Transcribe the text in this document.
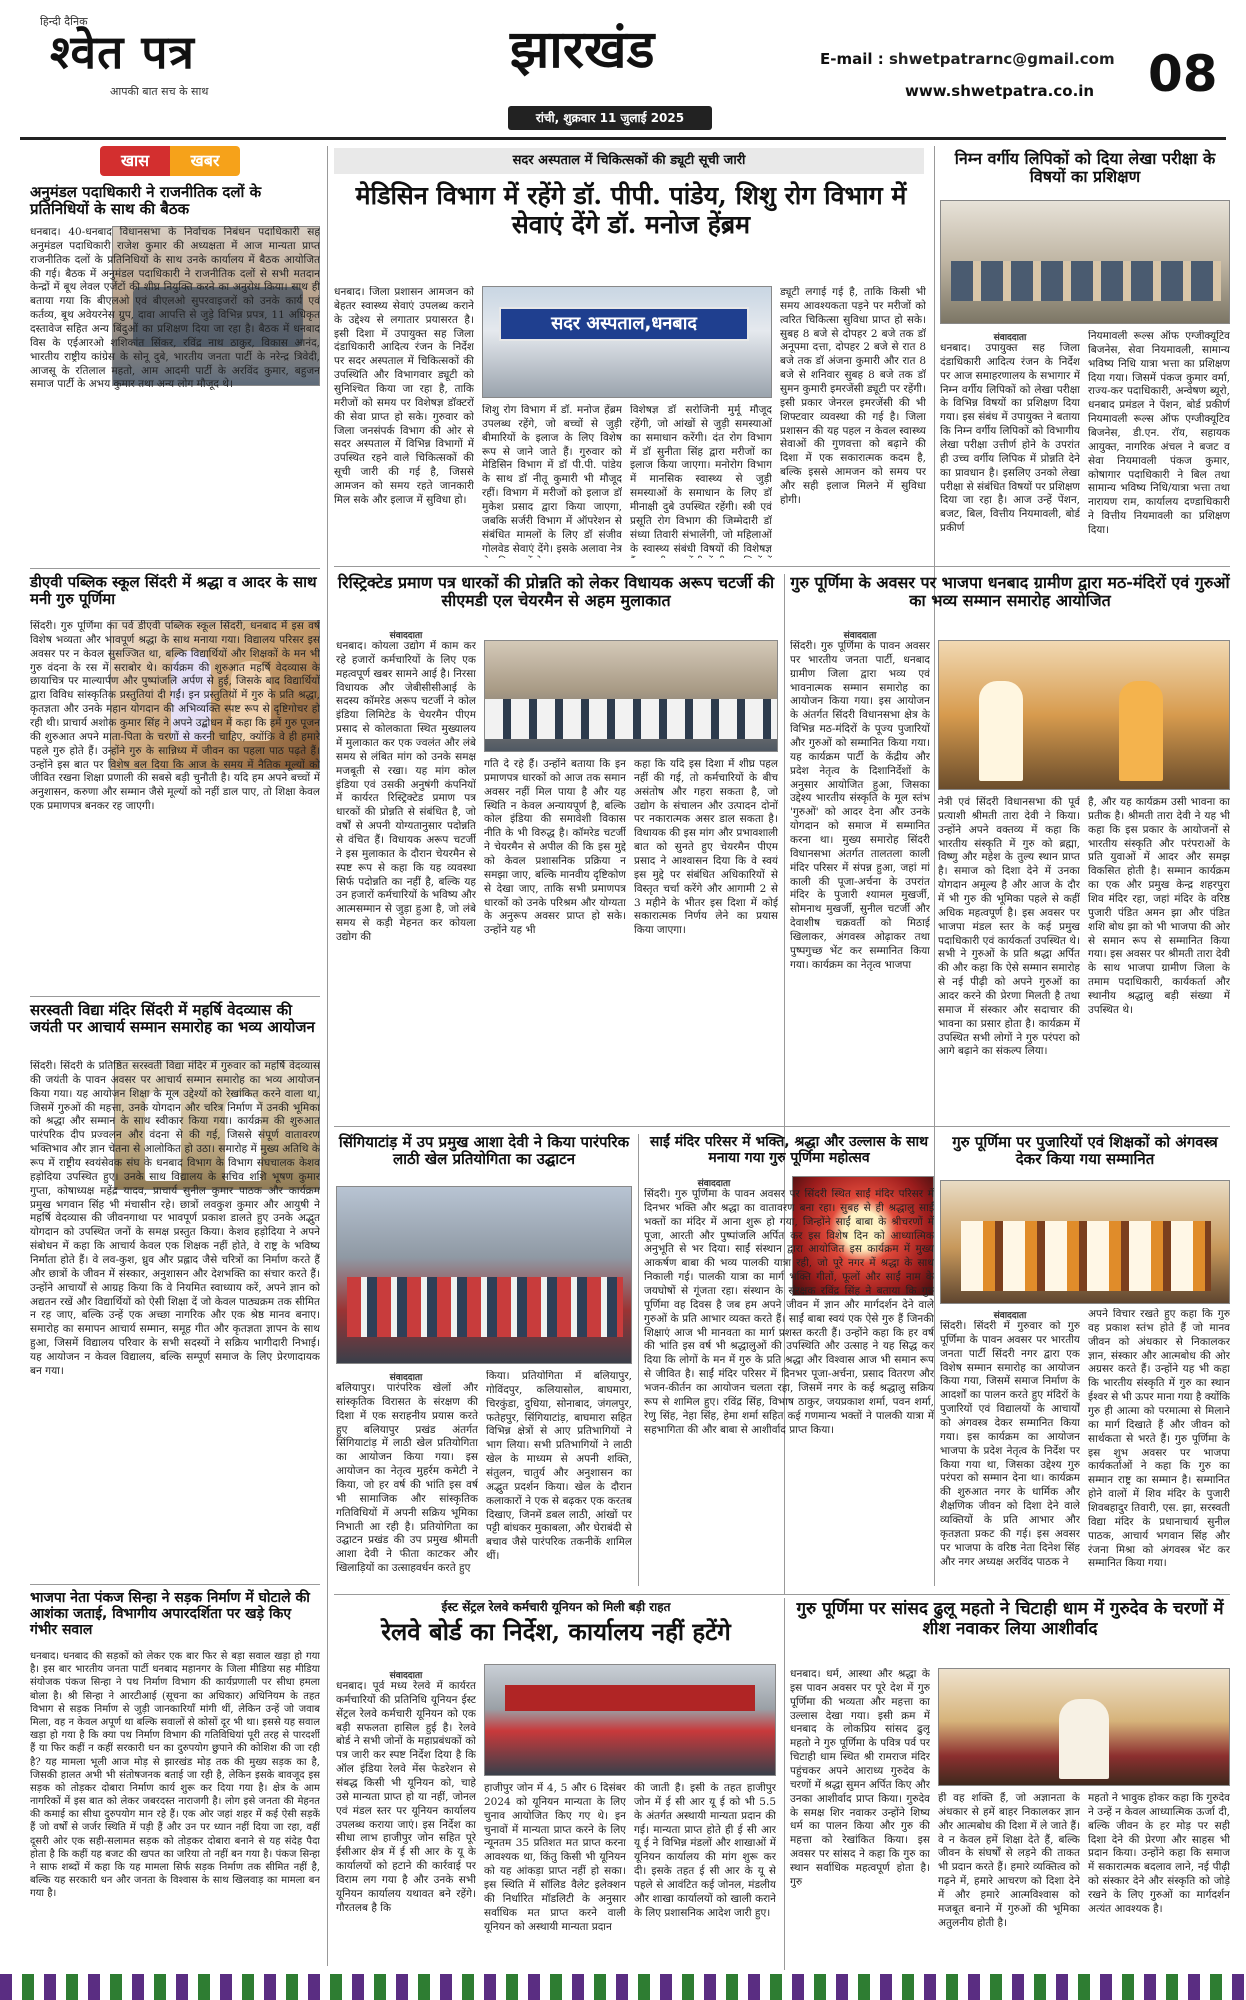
हिन्दी दैनिक
श्वेत पत्र
आपकी बात सच के साथ
झारखंड
रांची, शुक्रवार 11 जुलाई 2025
E-mail : shwetpatrarnc@gmail.com
www.shwetpatra.co.in 08
खास	खबर
अनुमंडल पदाधिकारी ने राजनीतिक दलों के प्रतिनिधियों के साथ की बैठक
धनबाद। 40-धनबाद विधानसभा के निर्वाचक निबंधन पदाधिकारी सह अनुमंडल पदाधिकारी राजेश कुमार की अध्यक्षता में आज मान्यता प्राप्त राजनीतिक दलों के प्रतिनिधियों के साथ उनके कार्यालय में बैठक आयोजित की गई। बैठक में अनुमंडल पदाधिकारी ने राजनीतिक दलों से सभी मतदान केन्द्रों में बूथ लेवल एजेंटों की शीघ्र नियुक्ति करने का अनुरोध किया। साथ ही बताया गया कि बीएलओ एवं बीएलओ सुपरवाइजरों को उनके कार्य एवं कर्तव्य, बूथ अवेयरनेस ग्रुप, दावा आपत्ति से जुड़े विभिन्न प्रपत्र, 11 अधिकृत दस्तावेज सहित अन्य बिंदुओं का प्रशिक्षण दिया जा रहा है। बैठक में धनबाद विस के एईआरओ शशिकांत सिंकर, रविंद्र नाथ ठाकुर, विकास आनंद, भारतीय राष्ट्रीय कांग्रेस के सोनू दुबे, भारतीय जनता पार्टी के नरेन्द्र त्रिवेदी, आजसू के रतिलाल महतो, आम आदमी पार्टी के अरविंद कुमार, बहुजन समाज पार्टी के अभय कुमार तथा अन्य लोग मौजूद थे।
डीएवी पब्लिक स्कूल सिंदरी में श्रद्धा व आदर के साथ मनी गुरु पूर्णिमा
सिंदरी। गुरु पूर्णिमा का पर्व डीएवी पब्लिक स्कूल सिंदरी, धनबाद में इस वर्ष विशेष भव्यता और भावपूर्ण श्रद्धा के साथ मनाया गया। विद्यालय परिसर इस अवसर पर न केवल सुसज्जित था, बल्कि विद्यार्थियों और शिक्षकों के मन भी गुरु वंदना के रस में सराबोर थे। कार्यक्रम की शुरुआत महर्षि वेदव्यास के छायाचित्र पर माल्यार्पण और पुष्पांजलि अर्पण से हुई, जिसके बाद विद्यार्थियों द्वारा विविध सांस्कृतिक प्रस्तुतियां दी गईं। इन प्रस्तुतियों में गुरु के प्रति श्रद्धा, कृतज्ञता और उनके महान योगदान की अभिव्यक्ति स्पष्ट रूप से दृष्टिगोचर हो रही थी। प्राचार्य अशोक कुमार सिंह ने अपने उद्बोधन में कहा कि हमें गुरु पूजन की शुरुआत अपने माता-पिता के चरणों से करनी चाहिए, क्योंकि वे ही हमारे पहले गुरु होते हैं। उन्होंने गुरु के सान्निध्य में जीवन का पहला पाठ पढ़ते हैं। उन्होंने इस बात पर विशेष बल दिया कि आज के समय में नैतिक मूल्यों को जीवित रखना शिक्षा प्रणाली की सबसे बड़ी चुनौती है। यदि हम अपने बच्चों में अनुशासन, करुणा और सम्मान जैसे मूल्यों को नहीं डाल पाए, तो शिक्षा केवल एक प्रमाणपत्र बनकर रह जाएगी।
सरस्वती विद्या मंदिर सिंदरी में महर्षि वेदव्यास की जयंती पर आचार्य सम्मान समारोह का भव्य आयोजन
सिंदरी। सिंदरी के प्रतिष्ठित सरस्वती विद्या मंदिर में गुरुवार को महर्षि वेदव्यास की जयंती के पावन अवसर पर आचार्य सम्मान समारोह का भव्य आयोजन किया गया। यह आयोजन शिक्षा के मूल उद्देश्यों को रेखांकित करने वाला था, जिसमें गुरुओं की महत्ता, उनके योगदान और चरित्र निर्माण में उनकी भूमिका को श्रद्धा और सम्मान के साथ स्वीकार किया गया। कार्यक्रम की शुरुआत पारंपरिक दीप प्रज्वलन और वंदना से की गई, जिससे संपूर्ण वातावरण भक्तिभाव और ज्ञान चेतना से आलोकित हो उठा। समारोह में मुख्य अतिथि के रूप में राष्ट्रीय स्वयंसेवक संघ के धनबाद विभाग के विभाग संघचालक केशव हड़ोदिया उपस्थित हुए। उनके साथ विद्यालय के सचिव शशि भूषण कुमार गुप्ता, कोषाध्यक्ष महेंद्र यादव, प्राचार्य सुनील कुमार पाठक और कार्यक्रम प्रमुख भगवान सिंह भी मंचासीन रहे। छात्रों लवकुश कुमार और आयुषी ने महर्षि वेदव्यास की जीवनगाथा पर भावपूर्ण प्रकाश डालते हुए उनके अद्भुत योगदान को उपस्थित जनों के समक्ष प्रस्तुत किया। केशव हड़ोदिया ने अपने संबोधन में कहा कि आचार्य केवल एक शिक्षक नहीं होते, वे राष्ट्र के भविष्य निर्माता होते हैं। वे लव-कुश, ध्रुव और प्रह्लाद जैसे चरित्रों का निर्माण करते हैं और छात्रों के जीवन में संस्कार, अनुशासन और देशभक्ति का संचार करते हैं। उन्होंने आचार्यों से आग्रह किया कि वे नियमित स्वाध्याय करें, अपने ज्ञान को अद्यतन रखें और विद्यार्थियों को ऐसी शिक्षा दें जो केवल पाठ्यक्रम तक सीमित न रह जाए, बल्कि उन्हें एक अच्छा नागरिक और एक श्रेष्ठ मानव बनाए। समारोह का समापन आचार्य सम्मान, समूह गीत और कृतज्ञता ज्ञापन के साथ हुआ, जिसमें विद्यालय परिवार के सभी सदस्यों ने सक्रिय भागीदारी निभाई। यह आयोजन न केवल विद्यालय, बल्कि सम्पूर्ण समाज के लिए प्रेरणादायक बन गया।
भाजपा नेता पंकज सिन्हा ने सड़क निर्माण में घोटाले की आशंका जताई, विभागीय अपारदर्शिता पर खड़े किए गंभीर सवाल
धनबाद। धनबाद की सड़कों को लेकर एक बार फिर से बड़ा सवाल खड़ा हो गया है। इस बार भारतीय जनता पार्टी धनबाद महानगर के जिला मीडिया सह मीडिया संयोजक पंकज सिन्हा ने पथ निर्माण विभाग की कार्यप्रणाली पर सीधा हमला बोला है। श्री सिन्हा ने आरटीआई (सूचना का अधिकार) अधिनियम के तहत विभाग से सड़क निर्माण से जुड़ी जानकारियाँ मांगी थीं, लेकिन उन्हें जो जवाब मिला, वह न केवल अपूर्ण था बल्कि सवालों से कोसों दूर भी था। इससे यह सवाल खड़ा हो गया है कि क्या पथ निर्माण विभाग की गतिविधियां पूरी तरह से पारदर्शी हैं या फिर कहीं न कहीं सरकारी धन का दुरुपयोग छुपाने की कोशिश की जा रही है? यह मामला भूली आज मोड़ से झारखंड मोड़ तक की मुख्य सड़क का है, जिसकी हालत अभी भी संतोषजनक बताई जा रही है, लेकिन इसके बावजूद इस सड़क को तोड़कर दोबारा निर्माण कार्य शुरू कर दिया गया है। क्षेत्र के आम नागरिकों में इस बात को लेकर जबरदस्त नाराजगी है। लोग इसे जनता की मेहनत की कमाई का सीधा दुरुपयोग मान रहे हैं। एक ओर जहां शहर में कई ऐसी सड़कें हैं जो वर्षों से जर्जर स्थिति में पड़ी हैं और उन पर ध्यान नहीं दिया जा रहा, वहीं दूसरी ओर एक सही-सलामत सड़क को तोड़कर दोबारा बनाने से यह संदेह पैदा होता है कि कहीं यह बजट की खपत का जरिया तो नहीं बन गया है। पंकज सिन्हा ने साफ शब्दों में कहा कि यह मामला सिर्फ सड़क निर्माण तक सीमित नहीं है, बल्कि यह सरकारी धन और जनता के विश्वास के साथ खिलवाड़ का मामला बन गया है।
सदर अस्पताल में चिकित्सकों की ड्यूटी सूची जारी
मेडिसिन विभाग में रहेंगे डॉ. पीपी. पांडेय, शिशु रोग विभाग में सेवाएं देंगे डॉ. मनोज हेंब्रम
धनबाद। जिला प्रशासन आमजन को बेहतर स्वास्थ्य सेवाएं उपलब्ध कराने के उद्देश्य से लगातार प्रयासरत है। इसी दिशा में उपायुक्त सह जिला दंडाधिकारी आदित्य रंजन के निर्देश पर सदर अस्पताल में चिकित्सकों की उपस्थिति और विभागवार ड्यूटी को सुनिश्चित किया जा रहा है, ताकि मरीजों को समय पर विशेषज्ञ डॉक्टरों की सेवा प्राप्त हो सके। गुरुवार को जिला जनसंपर्क विभाग की ओर से सदर अस्पताल में विभिन्न विभागों में उपस्थित रहने वाले चिकित्सकों की सूची जारी की गई है, जिससे आमजन को समय रहते जानकारी मिल सके और इलाज में सुविधा हो।
सदर अस्पताल,धनबाद
शिशु रोग विभाग में डॉ. मनोज हेंब्रम उपलब्ध रहेंगे, जो बच्चों से जुड़ी बीमारियों के इलाज के लिए विशेष रूप से जाने जाते हैं। गुरुवार को मेडिसिन विभाग में डॉ पी.पी. पांडेय के साथ डॉ नीतू कुमारी भी मौजूद रहीं। विभाग में मरीजों को इलाज डॉ मुकेश प्रसाद द्वारा किया जाएगा, जबकि सर्जरी विभाग में ऑपरेशन से संबंधित मामलों के लिए डॉ संजीव गोलवेड सेवाएं देंगे। इसके अलावा नेत्र
विशेषज्ञ डॉ सरोजिनी मुर्मू मौजूद रहेंगी, जो आंखों से जुड़ी समस्याओं का समाधान करेंगी। दंत रोग विभाग में डॉ सुनीता सिंह द्वारा मरीजों का इलाज किया जाएगा। मनोरोग विभाग में मानसिक स्वास्थ्य से जुड़ी समस्याओं के समाधान के लिए डॉ मीनाक्षी दुबे उपस्थित रहेंगी। स्त्री एवं प्रसूति रोग विभाग की जिम्मेदारी डॉ संध्या तिवारी संभालेंगी, जो महिलाओं के स्वास्थ्य संबंधी विषयों की विशेषज्ञ
ड्यूटी लगाई गई है, ताकि किसी भी समय आवश्यकता पड़ने पर मरीजों को त्वरित चिकित्सा सुविधा प्राप्त हो सके। सुबह 8 बजे से दोपहर 2 बजे तक डॉ अनूपमा दत्ता, दोपहर 2 बजे से रात 8 बजे तक डॉ अंजना कुमारी और रात 8 बजे से शनिवार सुबह 8 बजे तक डॉ सुमन कुमारी इमरजेंसी ड्यूटी पर रहेंगी। इसी प्रकार जेनरल इमरजेंसी की भी शिफ्टवार व्यवस्था की गई है। जिला प्रशासन की यह पहल न केवल स्वास्थ्य सेवाओं की गुणवत्ता को बढ़ाने की दिशा में एक सकारात्मक कदम है, बल्कि इससे आमजन को समय पर और सही इलाज मिलने में सुविधा होगी।
निम्न वर्गीय लिपिकों को दिया लेखा परीक्षा के विषयों का प्रशिक्षण
संवाददाता
धनबाद। उपायुक्त सह जिला दंडाधिकारी आदित्य रंजन के निर्देश पर आज समाहरणालय के सभागार में निम्न वर्गीय लिपिकों को लेखा परीक्षा के विभिन्न विषयों का प्रशिक्षण दिया गया। इस संबंध में उपायुक्त ने बताया कि निम्न वर्गीय लिपिकों को विभागीय लेखा परीक्षा उत्तीर्ण होने के उपरांत ही उच्च वर्गीय लिपिक में प्रोन्नति देने का प्रावधान है। इसलिए उनको लेखा परीक्षा से संबंधित विषयों पर प्रशिक्षण दिया जा रहा है। आज उन्हें पेंशन, बजट, बिल, वित्तीय नियमावली, बोर्ड प्रकीर्ण
नियमावली रूल्स ऑफ एग्जीक्यूटिव बिजनेस, सेवा नियमावली, सामान्य भविष्य निधि यात्रा भत्ता का प्रशिक्षण दिया गया। जिसमें पंकज कुमार वर्मा, राज्य-कर पदाधिकारी, अन्वेषण ब्यूरो, धनबाद प्रमंडल ने पेंशन, बोर्ड प्रकीर्ण नियमावली रूल्स ऑफ एग्जीक्यूटिव बिजनेस, डी.एन. रॉय, सहायक आयुक्त, नागरिक अंचल ने बजट व सेवा नियमावली पंकज कुमार, कोषागार पदाधिकारी ने बिल तथा सामान्य भविष्य निधि/यात्रा भत्ता तथा नारायण राम, कार्यालय दण्डाधिकारी ने वित्तीय नियमावली का प्रशिक्षण दिया।
रिस्ट्रिक्टेड प्रमाण पत्र धारकों की प्रोन्नति को लेकर विधायक अरूप चटर्जी की सीएमडी एल चेयरमैन से अहम मुलाकात
संवाददाता
धनबाद। कोयला उद्योग में काम कर रहे हजारों कर्मचारियों के लिए एक महत्वपूर्ण खबर सामने आई है। निरसा विधायक और जेबीसीसीआई के सदस्य कॉमरेड अरूप चटर्जी ने कोल इंडिया लिमिटेड के चेयरमैन पीएम प्रसाद से कोलकाता स्थित मुख्यालय में मुलाकात कर एक ज्वलंत और लंबे समय से लंबित मांग को उनके समक्ष मजबूती से रखा। यह मांग कोल इंडिया एवं उसकी अनुषंगी कंपनियों में कार्यरत रिस्ट्रिक्टेड प्रमाण पत्र धारकों की प्रोन्नति से संबंधित है, जो वर्षों से अपनी योग्यतानुसार पदोन्नति से वंचित हैं। विधायक अरूप चटर्जी ने इस मुलाकात के दौरान चेयरमैन से स्पष्ट रूप से कहा कि यह व्यवस्था सिर्फ पदोन्नति का नहीं है, बल्कि यह उन हजारों कर्मचारियों के भविष्य और आत्मसम्मान से जुड़ा हुआ है, जो लंबे समय से कड़ी मेहनत कर कोयला उद्योग की
गति दे रहे हैं। उन्होंने बताया कि इन प्रमाणपत्र धारकों को आज तक समान अवसर नहीं मिल पाया है और यह स्थिति न केवल अन्यायपूर्ण है, बल्कि कोल इंडिया की समावेशी विकास नीति के भी विरुद्ध है। कॉमरेड चटर्जी ने चेयरमैन से अपील की कि इस मुद्दे को केवल प्रशासनिक प्रक्रिया न समझा जाए, बल्कि मानवीय दृष्टिकोण से देखा जाए, ताकि सभी प्रमाणपत्र धारकों को उनके परिश्रम और योग्यता के अनुरूप अवसर प्राप्त हो सके। उन्होंने यह भी
कहा कि यदि इस दिशा में शीघ्र पहल नहीं की गई, तो कर्मचारियों के बीच असंतोष और गहरा सकता है, जो उद्योग के संचालन और उत्पादन दोनों पर नकारात्मक असर डाल सकता है। विधायक की इस मांग और प्रभावशाली बात को सुनते हुए चेयरमैन पीएम प्रसाद ने आश्वासन दिया कि वे स्वयं इस मुद्दे पर संबंधित अधिकारियों से विस्तृत चर्चा करेंगे और आगामी 2 से 3 महीने के भीतर इस दिशा में कोई सकारात्मक निर्णय लेने का प्रयास किया जाएगा।
गुरु पूर्णिमा के अवसर पर भाजपा धनबाद ग्रामीण द्वारा मठ-मंदिरों एवं गुरुओं का भव्य सम्मान समारोह आयोजित
संवाददाता
सिंदरी। गुरु पूर्णिमा के पावन अवसर पर भारतीय जनता पार्टी, धनबाद ग्रामीण जिला द्वारा भव्य एवं भावनात्मक सम्मान समारोह का आयोजन किया गया। इस आयोजन के अंतर्गत सिंदरी विधानसभा क्षेत्र के विभिन्न मठ-मंदिरों के पूज्य पुजारियों और गुरुओं को सम्मानित किया गया। यह कार्यक्रम पार्टी के केंद्रीय और प्रदेश नेतृत्व के दिशानिर्देशों के अनुसार आयोजित हुआ, जिसका उद्देश्य भारतीय संस्कृति के मूल स्तंभ 'गुरुओं' को आदर देना और उनके योगदान को समाज में सम्मानित करना था। मुख्य समारोह सिंदरी विधानसभा अंतर्गत तालतला काली मंदिर परिसर में संपन्न हुआ, जहां मां काली की पूजा-अर्चना के उपरांत मंदिर के पुजारी श्यामल मुखर्जी, सोमनाथ मुखर्जी, सुनील चटर्जी और देवाशीष चक्रवर्ती को मिठाई खिलाकर, अंगवस्त्र ओढ़ाकर तथा पुष्पगुच्छ भेंट कर सम्मानित किया गया। कार्यक्रम का नेतृत्व भाजपा
नेत्री एवं सिंदरी विधानसभा की पूर्व प्रत्याशी श्रीमती तारा देवी ने किया। उन्होंने अपने वक्तव्य में कहा कि भारतीय संस्कृति में गुरु को ब्रह्मा, विष्णु और महेश के तुल्य स्थान प्राप्त है। समाज को दिशा देने में उनका योगदान अमूल्य है और आज के दौर में भी गुरु की भूमिका पहले से कहीं अधिक महत्वपूर्ण है। इस अवसर पर भाजपा मंडल स्तर के कई प्रमुख पदाधिकारी एवं कार्यकर्ता उपस्थित थे। सभी ने गुरुओं के प्रति श्रद्धा अर्पित की और कहा कि ऐसे सम्मान समारोह से नई पीढ़ी को अपने गुरुओं का आदर करने की प्रेरणा मिलती है तथा समाज में संस्कार और सदाचार की भावना का प्रसार होता है। कार्यक्रम में उपस्थित सभी लोगों ने गुरु परंपरा को आगे बढ़ाने का संकल्प लिया।
है, और यह कार्यक्रम उसी भावना का प्रतीक है। श्रीमती तारा देवी ने यह भी कहा कि इस प्रकार के आयोजनों से भारतीय संस्कृति और परंपराओं के प्रति युवाओं में आदर और समझ विकसित होती है। सम्मान कार्यक्रम का एक और प्रमुख केन्द्र शहरपुरा शिव मंदिर रहा, जहां मंदिर के वरिष्ठ पुजारी पंडित अमन झा और पंडित शशि बोध झा को भी भाजपा की ओर से समान रूप से सम्मानित किया गया। इस अवसर पर श्रीमती तारा देवी के साथ भाजपा ग्रामीण जिला के तमाम पदाधिकारी, कार्यकर्ता और स्थानीय श्रद्धालु बड़ी संख्या में उपस्थित थे।
सिंगियाटांड़ में उप प्रमुख आशा देवी ने किया पारंपरिक लाठी खेल प्रतियोगिता का उद्घाटन
संवाददाता
बलियापुर। पारंपरिक खेलों और सांस्कृतिक विरासत के संरक्षण की दिशा में एक सराहनीय प्रयास करते हुए बलियापुर प्रखंड अंतर्गत सिंगियाटांड़ में लाठी खेल प्रतियोगिता का आयोजन किया गया। इस आयोजन का नेतृत्व मुहर्रम कमेटी ने किया, जो हर वर्ष की भांति इस वर्ष भी सामाजिक और सांस्कृतिक गतिविधियों में अपनी सक्रिय भूमिका निभाती आ रही है। प्रतियोगिता का उद्घाटन प्रखंड की उप प्रमुख श्रीमती आशा देवी ने फीता काटकर और खिलाड़ियों का उत्साहवर्धन करते हुए
किया। प्रतियोगिता में बलियापुर, गोविंदपुर, कलियासोल, बाघमारा, चिरकुंडा, दुधिया, सोनाबाद, जंगलपुर, फतेहपुर, सिंगियाटांड़, बाघमारा सहित विभिन्न क्षेत्रों से आए प्रतिभागियों ने भाग लिया। सभी प्रतिभागियों ने लाठी खेल के माध्यम से अपनी शक्ति, संतुलन, चातुर्य और अनुशासन का अद्भुत प्रदर्शन किया। खेल के दौरान कलाकारों ने एक से बढ़कर एक करतब दिखाए, जिनमें डबल लाठी, आंखों पर पट्टी बांधकर मुकाबला, और घेराबंदी से बचाव जैसे पारंपरिक तकनीकें शामिल थीं।
साईं मंदिर परिसर में भक्ति, श्रद्धा और उल्लास के साथ मनाया गया गुरु पूर्णिमा महोत्सव
संवाददाता
सिंदरी। गुरु पूर्णिमा के पावन अवसर पर सिंदरी स्थित साईं मंदिर परिसर में दिनभर भक्ति और श्रद्धा का वातावरण बना रहा। सुबह से ही श्रद्धालु साईं भक्तों का मंदिर में आना शुरू हो गया, जिन्होंने साईं बाबा के श्रीचरणों में पूजा, आरती और पुष्पांजलि अर्पित कर इस विशेष दिन को आध्यात्मिक अनुभूति से भर दिया। साईं संस्थान द्वारा आयोजित इस कार्यक्रम में मुख्य आकर्षण बाबा की भव्य पालकी यात्रा रही, जो पूरे नगर में श्रद्धा के साथ निकाली गई। पालकी यात्रा का मार्ग भक्ति गीतों, फूलों और साईं नाम के जयघोषों से गूंजता रहा। संस्थान के संरक्षक रविंद्र सिंह ने बताया कि गुरु पूर्णिमा वह दिवस है जब हम अपने जीवन में ज्ञान और मार्गदर्शन देने वाले गुरुओं के प्रति आभार व्यक्त करते हैं। साईं बाबा स्वयं एक ऐसे गुरु हैं जिनकी शिक्षाएं आज भी मानवता का मार्ग प्रशस्त करती हैं। उन्होंने कहा कि हर वर्ष की भांति इस वर्ष भी श्रद्धालुओं की उपस्थिति और उत्साह ने यह सिद्ध कर दिया कि लोगों के मन में गुरु के प्रति श्रद्धा और विश्वास आज भी समान रूप से जीवित है। साईं मंदिर परिसर में दिनभर पूजा-अर्चना, प्रसाद वितरण और भजन-कीर्तन का आयोजन चलता रहा, जिसमें नगर के कई श्रद्धालु सक्रिय रूप से शामिल हुए। रविंद्र सिंह, विभाष ठाकुर, जयप्रकाश शर्मा, पवन शर्मा, रेणु सिंह, नेहा सिंह, हेमा शर्मा सहित कई गणमान्य भक्तों ने पालकी यात्रा में सहभागिता की और बाबा से आशीर्वाद प्राप्त किया।
गुरु पूर्णिमा पर पुजारियों एवं शिक्षकों को अंगवस्त्र देकर किया गया सम्मानित
संवाददाता
सिंदरी। सिंदरी में गुरुवार को गुरु पूर्णिमा के पावन अवसर पर भारतीय जनता पार्टी सिंदरी नगर द्वारा एक विशेष सम्मान समारोह का आयोजन किया गया, जिसमें समाज निर्माण के आदर्शों का पालन करते हुए मंदिरों के पुजारियों एवं विद्यालयों के आचार्यों को अंगवस्त्र देकर सम्मानित किया गया। इस कार्यक्रम का आयोजन भाजपा के प्रदेश नेतृत्व के निर्देश पर किया गया था, जिसका उद्देश्य गुरु परंपरा को सम्मान देना था। कार्यक्रम की शुरुआत नगर के धार्मिक और शैक्षणिक जीवन को दिशा देने वाले व्यक्तियों के प्रति आभार और कृतज्ञता प्रकट की गई। इस अवसर पर भाजपा के वरिष्ठ नेता दिनेश सिंह और नगर अध्यक्ष अरविंद पाठक ने
अपने विचार रखते हुए कहा कि गुरु वह प्रकाश स्तंभ होते हैं जो मानव जीवन को अंधकार से निकालकर ज्ञान, संस्कार और आत्मबोध की ओर अग्रसर करते हैं। उन्होंने यह भी कहा कि भारतीय संस्कृति में गुरु का स्थान ईश्वर से भी ऊपर माना गया है क्योंकि गुरु ही आत्मा को परमात्मा से मिलाने का मार्ग दिखाते हैं और जीवन को सार्थकता से भरते हैं। गुरु पूर्णिमा के इस शुभ अवसर पर भाजपा कार्यकर्ताओं ने कहा कि गुरु का सम्मान राष्ट्र का सम्मान है। सम्मानित होने वालों में शिव मंदिर के पुजारी शिवबहादुर तिवारी, एस. झा, सरस्वती विद्या मंदिर के प्रधानाचार्य सुनील पाठक, आचार्य भगवान सिंह और रंजना मिश्रा को अंगवस्त्र भेंट कर सम्मानित किया गया।
ईस्ट सेंट्रल रेलवे कर्मचारी यूनियन को मिली बड़ी राहत
रेलवे बोर्ड का निर्देश, कार्यालय नहीं हटेंगे
संवाददाता
धनबाद। पूर्व मध्य रेलवे में कार्यरत कर्मचारियों की प्रतिनिधि यूनियन ईस्ट सेंट्रल रेलवे कर्मचारी यूनियन को एक बड़ी सफलता हासिल हुई है। रेलवे बोर्ड ने सभी जोनों के महाप्रबंधकों को पत्र जारी कर स्पष्ट निर्देश दिया है कि ऑल इंडिया रेलवे मेंस फेडरेशन से संबद्ध किसी भी यूनियन को, चाहे उसे मान्यता प्राप्त हो या नहीं, जोनल एवं मंडल स्तर पर यूनियन कार्यालय उपलब्ध कराया जाएं। इस निर्देश का सीधा लाभ हाजीपुर जोन सहित पूरे ईसीआर क्षेत्र में ई सी आर के यू के कार्यालयों को हटाने की कार्रवाई पर विराम लग गया है और उनके सभी यूनियन कार्यालय यथावत बने रहेंगे। गौरतलब है कि
हाजीपुर जोन में 4, 5 और 6 दिसंबर 2024 को यूनियन मान्यता के लिए चुनाव आयोजित किए गए थे। इन चुनावों में मान्यता प्राप्त करने के लिए न्यूनतम 35 प्रतिशत मत प्राप्त करना आवश्यक था, किंतु किसी भी यूनियन को यह आंकड़ा प्राप्त नहीं हो सका। इस स्थिति में सॉलिड वैलेट इलेक्शन की निर्धारित मॉडलिटी के अनुसार सर्वाधिक मत प्राप्त करने वाली यूनियन को अस्थायी मान्यता प्रदान
की जाती है। इसी के तहत हाजीपुर जोन में ई सी आर यू ई को भी 5.5 के अंतर्गत अस्थायी मान्यता प्रदान की गई। मान्यता प्राप्त होते ही ई सी आर यू ई ने विभिन्न मंडलों और शाखाओं में यूनियन कार्यालय की मांग शुरू कर दी। इसके तहत ई सी आर के यू से पहले से आवंटित कई जोनल, मंडलीय और शाखा कार्यालयों को खाली कराने के लिए प्रशासनिक आदेश जारी हुए।
गुरु पूर्णिमा पर सांसद ढुलू महतो ने चिटाही धाम में गुरुदेव के चरणों में शीश नवाकर लिया आशीर्वाद
धनबाद। धर्म, आस्था और श्रद्धा के इस पावन अवसर पर पूरे देश में गुरु पूर्णिमा की भव्यता और महत्ता का उल्लास देखा गया। इसी क्रम में धनबाद के लोकप्रिय सांसद ढुलू महतो ने गुरु पूर्णिमा के पवित्र पर्व पर चिटाही धाम स्थित श्री रामराज मंदिर पहुंचकर अपने आराध्य गुरुदेव के चरणों में श्रद्धा सुमन अर्पित किए और उनका आशीर्वाद प्राप्त किया। गुरुदेव के समक्ष शिर नवाकर उन्होंने शिष्य धर्म का पालन किया और गुरु की महत्ता को रेखांकित किया। इस अवसर पर सांसद ने कहा कि गुरु का स्थान सर्वाधिक महत्वपूर्ण होता है। गुरु
ही वह शक्ति हैं, जो अज्ञानता के अंधकार से हमें बाहर निकालकर ज्ञान और आत्मबोध की दिशा में ले जाते हैं। वे न केवल हमें शिक्षा देते हैं, बल्कि जीवन के संघर्षों से लड़ने की ताकत भी प्रदान करते हैं। हमारे व्यक्तित्व को गढ़ने में, हमारे आचरण को दिशा देने में और हमारे आत्मविश्वास को मजबूत बनाने में गुरुओं की भूमिका अतुलनीय होती है।
महतो ने भावुक होकर कहा कि गुरुदेव ने उन्हें न केवल आध्यात्मिक ऊर्जा दी, बल्कि जीवन के हर मोड़ पर सही दिशा देने की प्रेरणा और साहस भी प्रदान किया। उन्होंने कहा कि समाज में सकारात्मक बदलाव लाने, नई पीढ़ी को संस्कार देने और संस्कृति को जोड़े रखने के लिए गुरुओं का मार्गदर्शन अत्यंत आवश्यक है।
